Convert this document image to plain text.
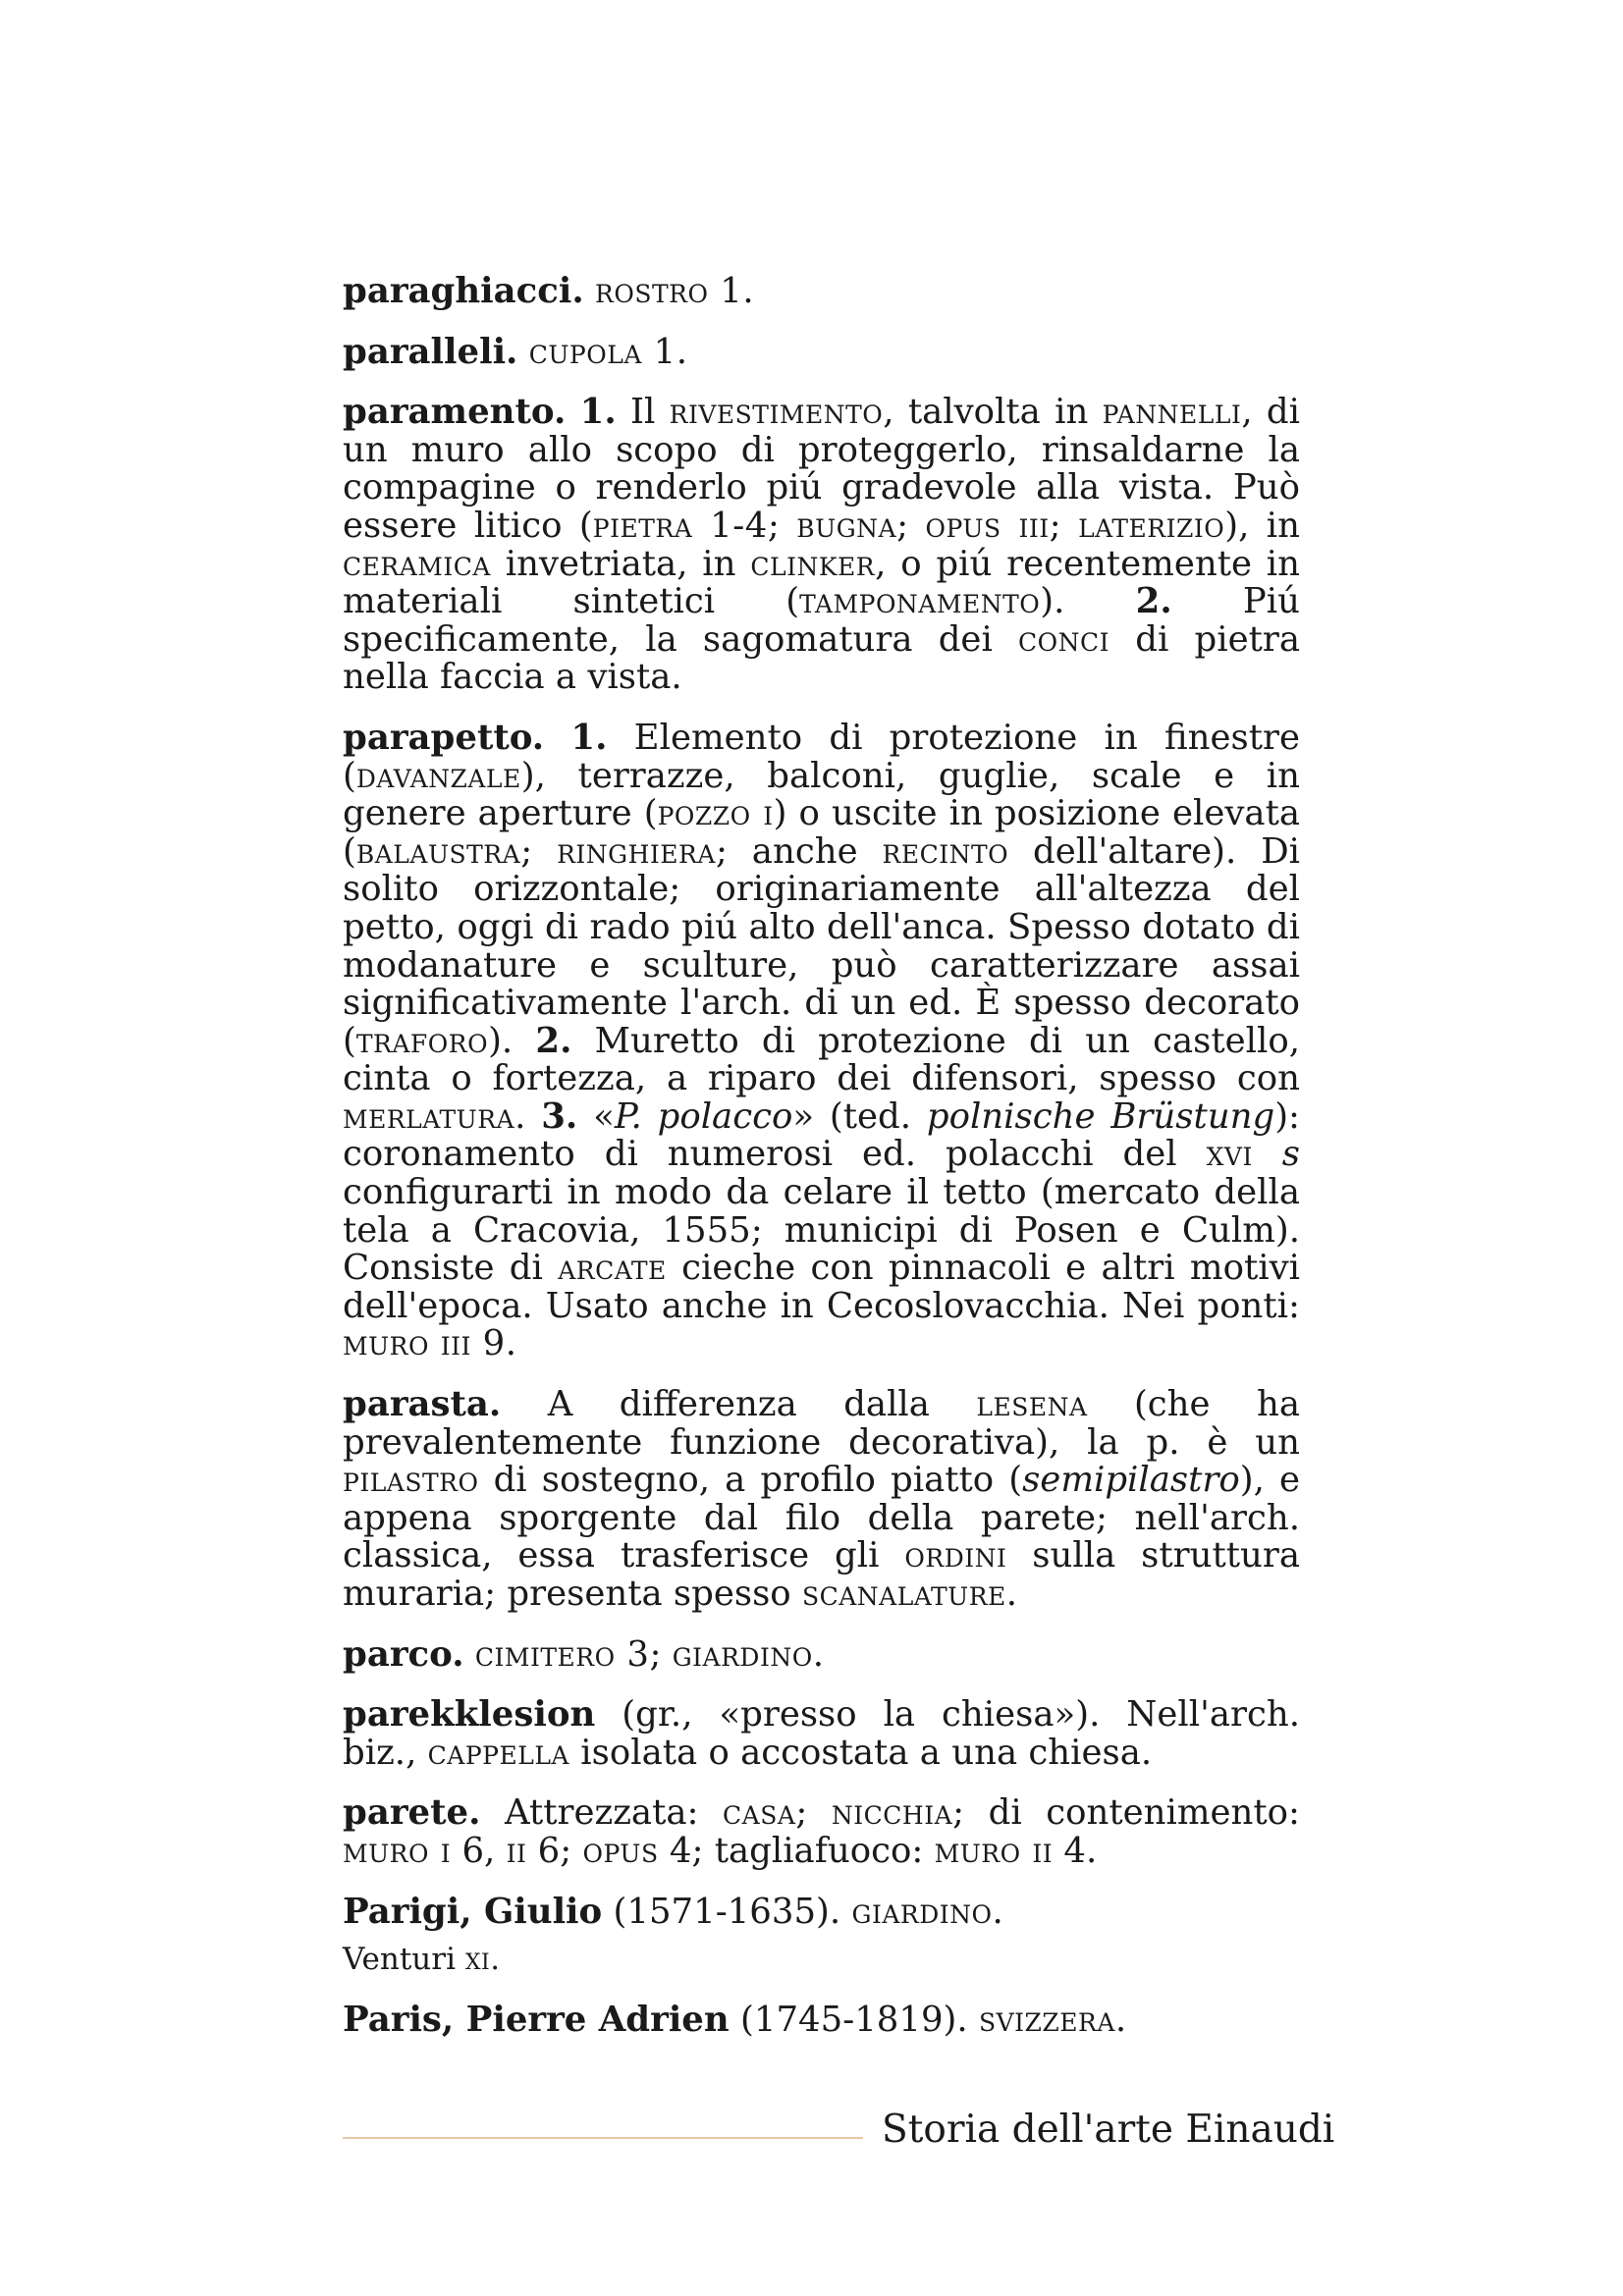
paraghiacci. rostro 1.

paralleli. cupola 1.

paramento. 1. Il rivestimento, talvolta in pannelli, di un muro allo scopo di proteggerlo, rinsaldarne la compagine o renderlo piú gradevole alla vista. Può essere litico (pietra 1-4; bugna; opus iii; laterizio), in ceramica invetriata, in clinker, o piú recentemente in materiali sintetici (tamponamento). 2. Piú specificamente, la sagomatura dei conci di pietra nella faccia a vista.

parapetto. 1. Elemento di protezione in finestre (davanzale), terrazze, balconi, guglie, scale e in genere aperture (pozzo i) o uscite in posizione elevata (balaustra; ringhiera; anche recinto dell'altare). Di solito orizzontale; originariamente all'altezza del petto, oggi di rado piú alto dell'anca. Spesso dotato di modanature e sculture, può caratterizzare assai significativamente l'arch. di un ed. È spesso decorato (traforo). 2. Muretto di protezione di un castello, cinta o fortezza, a riparo dei difensori, spesso con merlatura. 3. «P. polacco» (ted. polnische Brüstung): coronamento di numerosi ed. polacchi del xvi s configurarti in modo da celare il tetto (mercato della tela a Cracovia, 1555; municipi di Posen e Culm). Consiste di arcate cieche con pinnacoli e altri motivi dell'epoca. Usato anche in Cecoslovacchia. Nei ponti: muro iii 9.

parasta. A differenza dalla lesena (che ha prevalentemente funzione decorativa), la p. è un pilastro di sostegno, a profilo piatto (semipilastro), e appena sporgente dal filo della parete; nell'arch. classica, essa trasferisce gli ordini sulla struttura muraria; presenta spesso scanalature.

parco. cimitero 3; giardino.

parekklesion (gr., «presso la chiesa»). Nell'arch. biz., cappella isolata o accostata a una chiesa.

parete. Attrezzata: casa; nicchia; di contenimento: muro i 6, ii 6; opus 4; tagliafuoco: muro ii 4.

Parigi, Giulio (1571-1635). giardino.

Venturi xi.

Paris, Pierre Adrien (1745-1819). svizzera.

Storia dell'arte Einaudi
